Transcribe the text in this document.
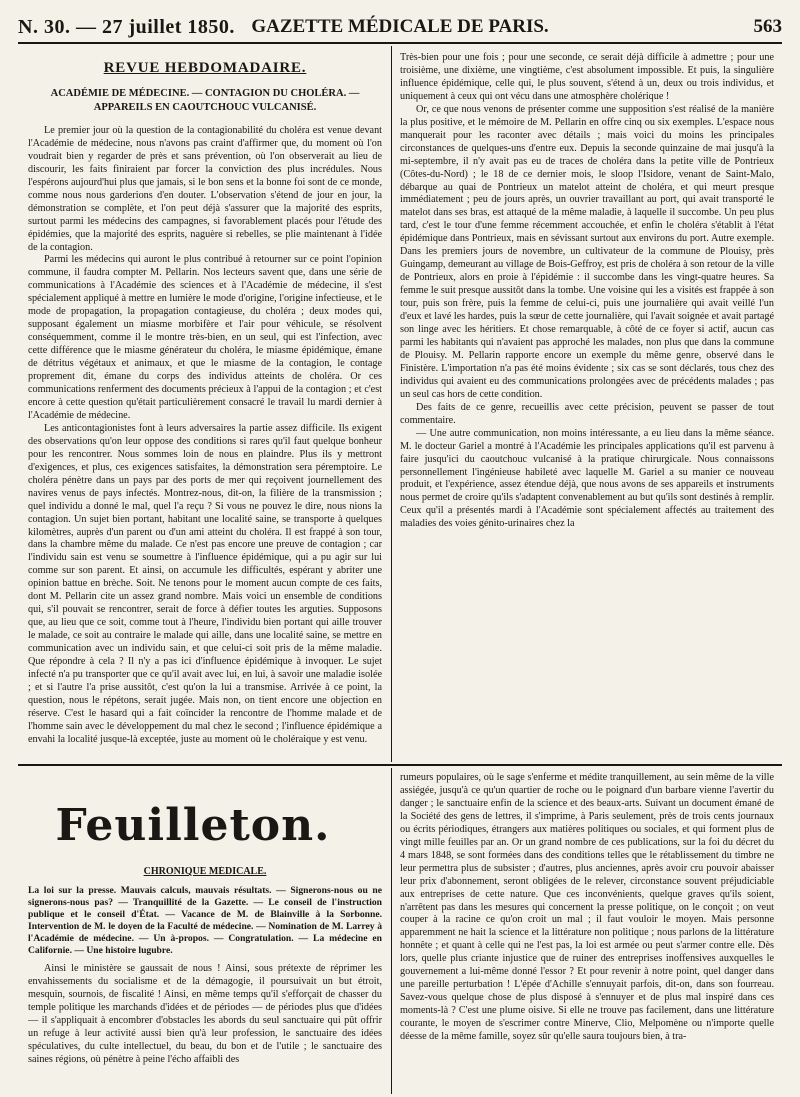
N. 30. — 27 juillet 1850. GAZETTE MÉDICALE DE PARIS.	563
REVUE HEBDOMADAIRE.
ACADÉMIE DE MÉDECINE. — CONTAGION DU CHOLÉRA. — APPAREILS EN CAOUTCHOUC VULCANISÉ.

Le premier jour où la question de la contagionabilité du choléra est venue devant l'Académie de médecine, nous n'avons pas craint d'affirmer que, du moment où l'on voudrait bien y regarder de près et sans prévention, où l'on observerait au lieu de discourir, les faits finiraient par forcer la conviction des plus incrédules. Nous l'espérons aujourd'hui plus que jamais, si le bon sens et la bonne foi sont de ce monde, comme nous nous garderions d'en douter. L'observation s'étend de jour en jour, la démonstration se complète, et l'on peut déjà s'assurer que la majorité des esprits, surtout parmi les médecins des campagnes, si favorablement placés pour l'étude des épidémies, que la majorité des esprits, naguère si rebelles, se plie maintenant à l'idée de la contagion.

Parmi les médecins qui auront le plus contribué à retourner sur ce point l'opinion commune, il faudra compter M. Pellarin. Nos lecteurs savent que, dans une série de communications à l'Académie des sciences et à l'Académie de médecine, il s'est spécialement appliqué à mettre en lumière le mode d'origine, l'origine infectieuse, et le mode de propagation, la propagation contagieuse, du choléra ; deux modes qui, supposant également un miasme morbifère et l'air pour véhicule, se résolvent conséquemment, comme il le montre très-bien, en un seul, qui est l'infection, avec cette différence que le miasme générateur du choléra, le miasme épidémique, émane de détritus végétaux et animaux, et que le miasme de la contagion, le contage proprement dit, émane du corps des individus atteints de choléra. Or ces communications renferment des documents précieux à l'appui de la contagion ; et c'est encore à cette question qu'était particulièrement consacré le travail lu mardi dernier à l'Académie de médecine.

Les anticontagionistes font à leurs adversaires la partie assez difficile. Ils exigent des observations qu'on leur oppose des conditions si rares qu'il faut quelque bonheur pour les rencontrer. Nous sommes loin de nous en plaindre. Plus ils y mettront d'exigences, et plus, ces exigences satisfaites, la démonstration sera péremptoire. Le choléra pénètre dans un pays par des ports de mer qui reçoivent journellement des navires venus de pays infectés. Montrez-nous, dit-on, la filière de la transmission ; quel individu a donné le mal, quel l'a reçu ? Si vous ne pouvez le dire, nous nions la contagion. Un sujet bien portant, habitant une localité saine, se transporte à quelques kilomètres, auprès d'un parent ou d'un ami atteint du choléra. Il est frappé à son tour, dans la chambre même du malade. Ce n'est pas encore une preuve de contagion ; car l'individu sain est venu se soumettre à l'influence épidémique, qui a pu agir sur lui comme sur son parent. Et ainsi, on accumule les difficultés, espérant y abriter une opinion battue en brèche. Soit. Ne tenons pour le moment aucun compte de ces faits, dont M. Pellarin cite un assez grand nombre. Mais voici un ensemble de conditions qui, s'il pouvait se rencontrer, serait de force à défier toutes les arguties. Supposons que, au lieu que ce soit, comme tout à l'heure, l'individu bien portant qui aille trouver le malade, ce soit au contraire le malade qui aille, dans une localité saine, se mettre en communication avec un individu sain, et que celui-ci soit pris de la même maladie. Que répondre à cela ? Il n'y a pas ici d'influence épidémique à invoquer. Le sujet infecté n'a pu transporter que ce qu'il avait avec lui, en lui, à savoir une maladie isolée ; et si l'autre l'a prise aussitôt, c'est qu'on la lui a transmise. Arrivée à ce point, la question, nous le répétons, serait jugée. Mais non, on tient encore une objection en réserve. C'est le hasard qui a fait coïncider la rencontre de l'homme malade et de l'homme sain avec le développement du mal chez le second ; l'influence épidémique a envahi la localité jusque-là exceptée, juste au moment où le choléraique y est venu.

Très-bien pour une fois ; pour une seconde, ce serait déjà difficile à admettre ; pour une troisième, une dixième, une vingtième, c'est absolument impossible. Et puis, la singulière influence épidémique, celle qui, le plus souvent, s'étend à un, deux ou trois individus, et uniquement à ceux qui ont vécu dans une atmosphère cholérique !

Or, ce que nous venons de présenter comme une supposition s'est réalisé de la manière la plus positive, et le mémoire de M. Pellarin en offre cinq ou six exemples. L'espace nous manquerait pour les raconter avec détails ; mais voici du moins les principales circonstances de quelques-uns d'entre eux. Depuis la seconde quinzaine de mai jusqu'à la mi-septembre, il n'y avait pas eu de traces de choléra dans la petite ville de Pontrieux (Côtes-du-Nord) ; le 18 de ce dernier mois, le sloop l'Isidore, venant de Saint-Malo, débarque au quai de Pontrieux un matelot atteint de choléra, et qui meurt presque immédiatement ; peu de jours après, un ouvrier travaillant au port, qui avait transporté le matelot dans ses bras, est attaqué de la même maladie, à laquelle il succombe. Un peu plus tard, c'est le tour d'une femme récemment accouchée, et enfin le choléra s'établit à l'état épidémique dans Pontrieux, mais en sévissant surtout aux environs du port. Autre exemple. Dans les premiers jours de novembre, un cultivateur de la commune de Plouisy, près Guingamp, demeurant au village de Bois-Geffroy, est pris de choléra à son retour de la ville de Pontrieux, alors en proie à l'épidémie : il succombe dans les vingt-quatre heures. Sa femme le suit presque aussitôt dans la tombe. Une voisine qui les a visités est frappée à son tour, puis son frère, puis la femme de celui-ci, puis une journalière qui avait veillé l'un d'eux et lavé les hardes, puis la sœur de cette journalière, qui l'avait soignée et avait partagé son linge avec les héritiers. Et chose remarquable, à côté de ce foyer si actif, aucun cas parmi les habitants qui n'avaient pas approché les malades, non plus que dans la commune de Plouisy. M. Pellarin rapporte encore un exemple du même genre, observé dans le Finistère. L'importation n'a pas été moins évidente ; six cas se sont déclarés, tous chez des individus qui avaient eu des communications prolongées avec de précédents malades ; pas un seul cas hors de cette condition.

Des faits de ce genre, recueillis avec cette précision, peuvent se passer de tout commentaire.

— Une autre communication, non moins intéressante, a eu lieu dans la même séance. M. le docteur Gariel a montré à l'Académie les principales applications qu'il est parvenu à faire jusqu'ici du caoutchouc vulcanisé à la pratique chirurgicale. Nous connaissons personnellement l'ingénieuse habileté avec laquelle M. Gariel a su manier ce nouveau produit, et l'expérience, assez étendue déjà, que nous avons de ses appareils et instruments nous permet de croire qu'ils s'adaptent convenablement au but qu'ils sont destinés à remplir. Ceux qu'il a présentés mardi à l'Académie sont spécialement affectés au traitement des maladies des voies génito-urinaires chez la

Feuilleton.
CHRONIQUE MÉDICALE.

La loi sur la presse. Mauvais calculs, mauvais résultats. — Signerons-nous ou ne signerons-nous pas? — Tranquillité de la Gazette. — Le conseil de l'instruction publique et le conseil d'État. — Vacance de M. de Blainville à la Sorbonne. Intervention de M. le doyen de la Faculté de médecine. — Nomination de M. Larrey à l'Académie de médecine. — Un à-propos. — Congratulation. — La médecine en Californie. — Une histoire lugubre.

Ainsi le ministère se gaussait de nous ! Ainsi, sous prétexte de réprimer les envahissements du socialisme et de la démagogie, il poursuivait un but étroit, mesquin, sournois, de fiscalité ! Ainsi, en même temps qu'il s'efforçait de chasser du temple politique les marchands d'idées et de périodes — de périodes plus que d'idées — il s'appliquait à encombrer d'obstacles les abords du seul sanctuaire qui pût offrir un refuge à leur activité aussi bien qu'à leur profession, le sanctuaire des idées spéculatives, du culte intellectuel, du beau, du bon et de l'utile ; le sanctuaire des saines régions, où pénètre à peine l'écho affaibli des

rumeurs populaires, où le sage s'enferme et médite tranquillement, au sein même de la ville assiégée, jusqu'à ce qu'un quartier de roche ou le poignard d'un barbare vienne l'avertir du danger ; le sanctuaire enfin de la science et des beaux-arts. Suivant un document émané de la Société des gens de lettres, il s'imprime, à Paris seulement, près de trois cents journaux ou écrits périodiques, étrangers aux matières politiques ou sociales, et qui forment plus de vingt mille feuilles par an. Or un grand nombre de ces publications, sur la foi du décret du 4 mars 1848, se sont formées dans des conditions telles que le rétablissement du timbre ne leur permettra plus de subsister ; d'autres, plus anciennes, après avoir cru pouvoir abaisser leur prix d'abonnement, seront obligées de le relever, circonstance souvent préjudiciable aux entreprises de cette nature. Que ces inconvénients, quelque graves qu'ils soient, n'arrêtent pas dans les mesures qui concernent la presse politique, on le conçoit ; on veut couper à la racine ce qu'on croit un mal ; il faut vouloir le moyen. Mais personne apparemment ne hait la science et la littérature non politique ; nous parlons de la littérature honnête ; et quant à celle qui ne l'est pas, la loi est armée ou peut s'armer contre elle. Dès lors, quelle plus criante injustice que de ruiner des entreprises inoffensives auxquelles le gouvernement a lui-même donné l'essor ? Et pour revenir à notre point, quel danger dans une pareille perturbation ! L'épée d'Achille s'ennuyait parfois, dit-on, dans son fourreau. Savez-vous quelque chose de plus disposé à s'ennuyer et de plus mal inspiré dans ces moments-là ? C'est une plume oisive. Si elle ne trouve pas facilement, dans une littérature courante, le moyen de s'escrimer contre Minerve, Clio, Melpomène ou n'importe quelle déesse de la même famille, soyez sûr qu'elle saura toujours bien, à tra-
